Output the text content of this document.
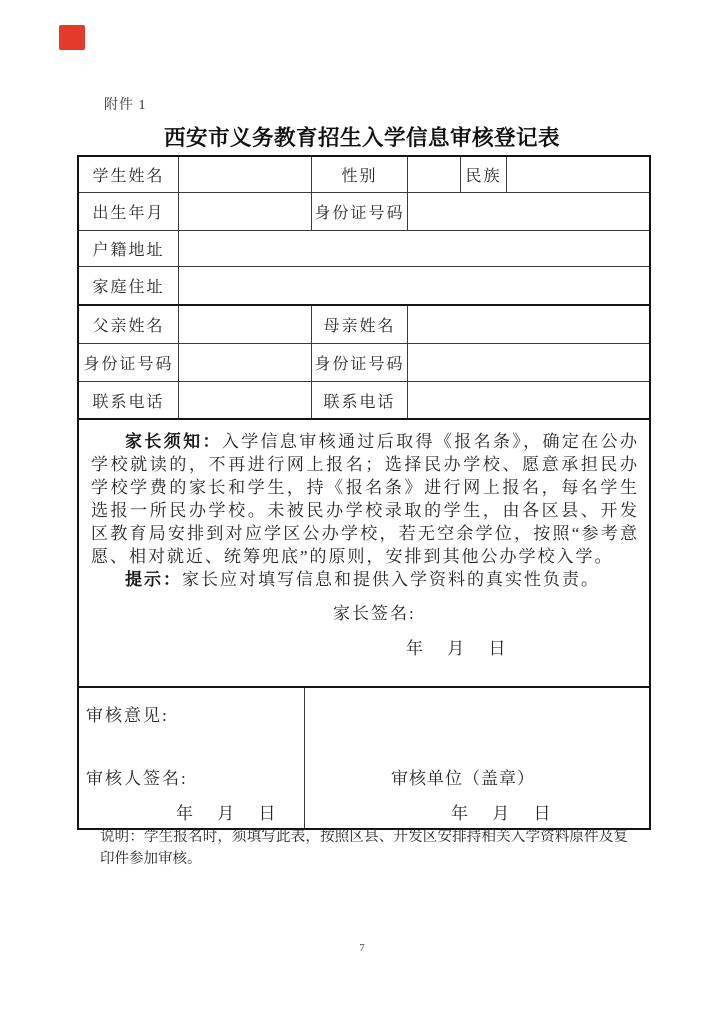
附件 1
西安市义务教育招生入学信息审核登记表
学生姓名	性别	民族
出生年月	身份证号码
户籍地址
家庭住址
父亲姓名	母亲姓名
身份证号码	身份证号码
联系电话	联系电话

家长须知：入学信息审核通过后取得《报名条》，确定在公办学校就读的，不再进行网上报名；选择民办学校、愿意承担民办学校学费的家长和学生，持《报名条》进行网上报名，每名学生选报一所民办学校。未被民办学校录取的学生，由各区县、开发区教育局安排到对应学区公办学校，若无空余学位，按照“参考意愿、相对就近、统筹兜底”的原则，安排到其他公办学校入学。

提示：家长应对填写信息和提供入学资料的真实性负责。

家长签名:
年 月 日
审核意见:
审核人签名:
年 月 日
审核单位（盖章）
年 月 日
说明：学生报名时，须填写此表，按照区县、开发区安排持相关入学资料原件及复印件参加审核。
7
